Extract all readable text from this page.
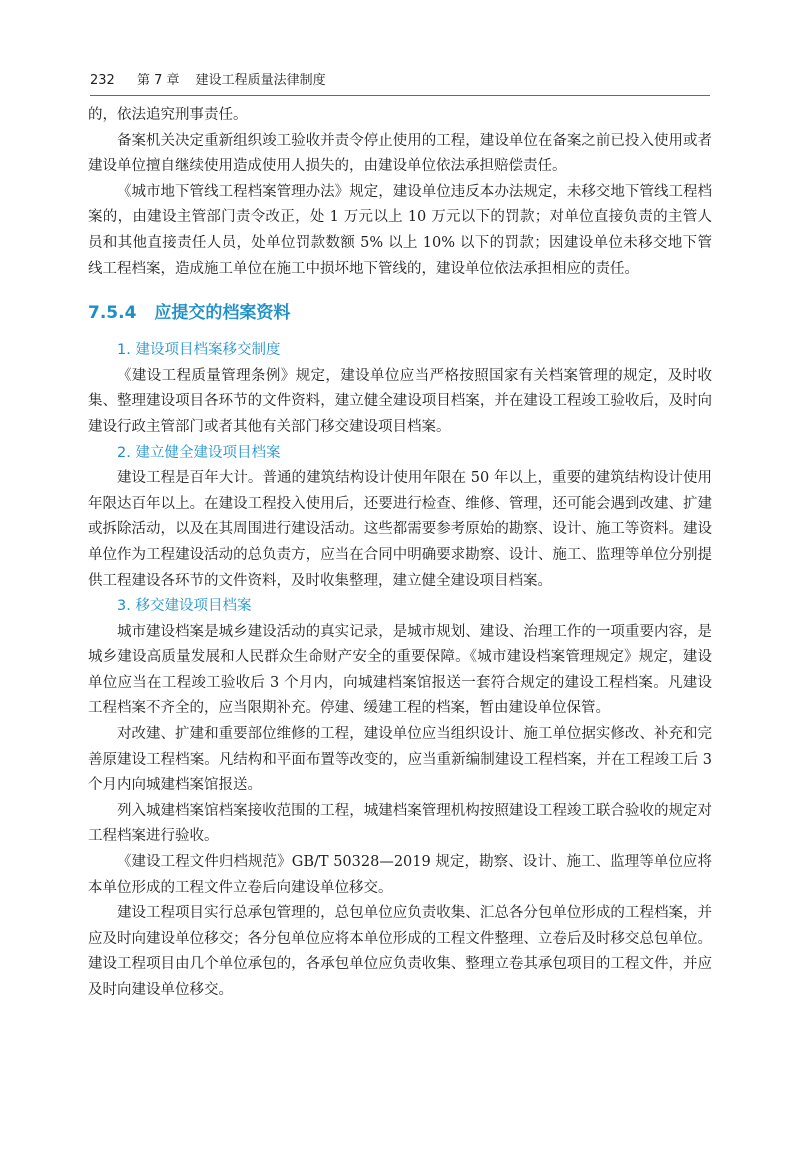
232 第 7 章 建设工程质量法律制度

的，依法追究刑事责任。

备案机关决定重新组织竣工验收并责令停止使用的工程，建设单位在备案之前已投入使用或者建设单位擅自继续使用造成使用人损失的，由建设单位依法承担赔偿责任。

《城市地下管线工程档案管理办法》规定，建设单位违反本办法规定，未移交地下管线工程档案的，由建设主管部门责令改正，处 1 万元以上 10 万元以下的罚款；对单位直接负责的主管人员和其他直接责任人员，处单位罚款数额 5% 以上 10% 以下的罚款；因建设单位未移交地下管线工程档案，造成施工单位在施工中损坏地下管线的，建设单位依法承担相应的责任。

7.5.4 应提交的档案资料
1. 建设项目档案移交制度

《建设工程质量管理条例》规定，建设单位应当严格按照国家有关档案管理的规定，及时收集、整理建设项目各环节的文件资料，建立健全建设项目档案，并在建设工程竣工验收后，及时向建设行政主管部门或者其他有关部门移交建设项目档案。

2. 建立健全建设项目档案

建设工程是百年大计。普通的建筑结构设计使用年限在 50 年以上，重要的建筑结构设计使用年限达百年以上。在建设工程投入使用后，还要进行检查、维修、管理，还可能会遇到改建、扩建或拆除活动，以及在其周围进行建设活动。这些都需要参考原始的勘察、设计、施工等资料。建设单位作为工程建设活动的总负责方，应当在合同中明确要求勘察、设计、施工、监理等单位分别提供工程建设各环节的文件资料，及时收集整理，建立健全建设项目档案。

3. 移交建设项目档案

城市建设档案是城乡建设活动的真实记录，是城市规划、建设、治理工作的一项重要内容，是城乡建设高质量发展和人民群众生命财产安全的重要保障。《城市建设档案管理规定》规定，建设单位应当在工程竣工验收后 3 个月内，向城建档案馆报送一套符合规定的建设工程档案。凡建设工程档案不齐全的，应当限期补充。停建、缓建工程的档案，暂由建设单位保管。

对改建、扩建和重要部位维修的工程，建设单位应当组织设计、施工单位据实修改、补充和完善原建设工程档案。凡结构和平面布置等改变的，应当重新编制建设工程档案，并在工程竣工后 3 个月内向城建档案馆报送。

列入城建档案馆档案接收范围的工程，城建档案管理机构按照建设工程竣工联合验收的规定对工程档案进行验收。

《建设工程文件归档规范》GB/T 50328—2019 规定，勘察、设计、施工、监理等单位应将本单位形成的工程文件立卷后向建设单位移交。

建设工程项目实行总承包管理的，总包单位应负责收集、汇总各分包单位形成的工程档案，并应及时向建设单位移交；各分包单位应将本单位形成的工程文件整理、立卷后及时移交总包单位。建设工程项目由几个单位承包的，各承包单位应负责收集、整理立卷其承包项目的工程文件，并应及时向建设单位移交。
